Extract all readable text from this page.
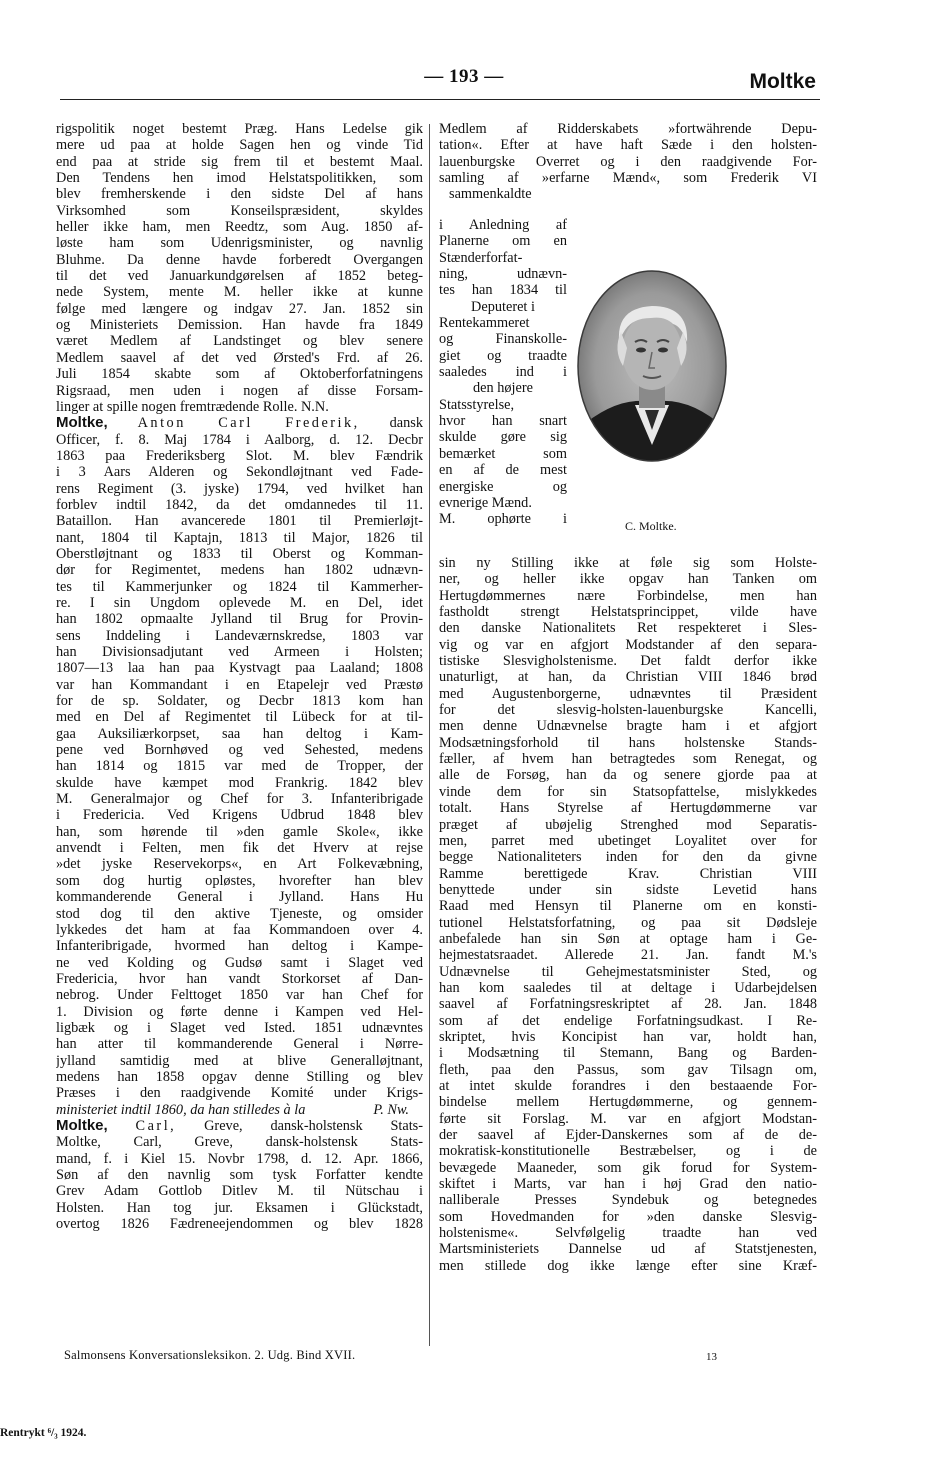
— 193 —	Moltke
rigspolitik noget bestemt Præg. Hans Ledelse gik
mere ud paa at holde Sagen hen og vinde Tid
end paa at stride sig frem til et bestemt Maal.
Den Tendens hen imod Helstatspolitikken, som
blev fremherskende i den sidste Del af hans
Virksomhed som Konseilspræsident, skyldes
heller ikke ham, men Reedtz, som Aug. 1850 af-
løste ham som Udenrigsminister, og navnlig
Bluhme. Da denne havde forberedt Overgangen
til det ved Januarkundgørelsen af 1852 beteg-
nede System, mente M. heller ikke at kunne
følge med længere og indgav 27. Jan. 1852 sin
og Ministeriets Demission. Han havde fra 1849
været Medlem af Landstinget og blev senere
Medlem saavel af det ved Ørsted's Frd. af 26.
Juli 1854 skabte som af Oktoberforfatningens
Rigsraad, men uden i nogen af disse Forsam-
linger at spille nogen fremtrædende Rolle. N.N.
Moltke, Anton Carl Frederik, dansk
Officer, f. 8. Maj 1784 i Aalborg, d. 12. Decbr
1863 paa Frederiksberg Slot. M. blev Fændrik
i 3 Aars Alderen og Sekondløjtnant ved Fade-
rens Regiment (3. jyske) 1794, ved hvilket han
forblev indtil 1842, da det omdannedes til 11.
Bataillon. Han avancerede 1801 til Premierløjt-
nant, 1804 til Kaptajn, 1813 til Major, 1826 til
Oberstløjtnant og 1833 til Oberst og Komman-
dør for Regimentet, medens han 1802 udnævn-
tes til Kammerjunker og 1824 til Kammerher-
re. I sin Ungdom oplevede M. en Del, idet
han 1802 opmaalte Jylland til Brug for Provin-
sens Inddeling i Landeværnskredse, 1803 var
han Divisionsadjutant ved Armeen i Holsten;
1807—13 laa han paa Kystvagt paa Laaland; 1808
var han Kommandant i en Etapelejr ved Præstø
for de sp. Soldater, og Decbr 1813 kom han
med en Del af Regimentet til Lübeck for at til-
gaa Auksiliærkorpset, saa han deltog i Kam-
pene ved Bornhøved og ved Sehested, medens
han 1814 og 1815 var med de Tropper, der
skulde have kæmpet mod Frankrig. 1842 blev
M. Generalmajor og Chef for 3. Infanteribrigade
i Fredericia. Ved Krigens Udbrud 1848 blev
han, som hørende til »den gamle Skole«, ikke
anvendt i Felten, men fik det Hverv at rejse
»det jyske Reservekorps«, en Art Folkevæbning,
som dog hurtig opløstes, hvorefter han blev
kommanderende General i Jylland. Hans Hu
stod dog til den aktive Tjeneste, og omsider
lykkedes det ham at faa Kommandoen over 4.
Infanteribrigade, hvormed han deltog i Kampe-
ne ved Kolding og Gudsø samt i Slaget ved
Fredericia, hvor han vandt Storkorset af Dan-
nebrog. Under Felttoget 1850 var han Chef for
1. Division og førte denne i Kampen ved Hel-
ligbæk og i Slaget ved Isted. 1851 udnævntes
han atter til kommanderende General i Nørre-
jylland samtidig med at blive Generalløjtnant,
medens han 1858 opgav denne Stilling og blev
Præses i den raadgivende Komité under Krigs-
ministeriet indtil 1860, da han stilledes à la	P. Nw.
Moltke, Carl, Greve, dansk-holstensk Stats-
Moltke, Carl, Greve, dansk-holstensk Stats-
mand, f. i Kiel 15. Novbr 1798, d. 12. Apr. 1866,
Søn af den navnlig som tysk Forfatter kendte
Grev Adam Gottlob Ditlev M. til Nütschau i
Holsten. Han tog jur. Eksamen i Glückstadt,
overtog 1826 Fædreneejendommen og blev 1828
Medlem af Ridderskabets »fortwährende Depu-
tation«. Efter at have haft Sæde i den holsten-
lauenburgske Overret og i den raadgivende For-
samling af »erfarne Mænd«, som Frederik VI
sammenkaldte
i Anledning af
Planerne om en
Stænderforfat-
ning, udnævn-
tes han 1834 til
Deputeret i
Rentekammeret
og Finanskolle-
giet og traadte
saaledes ind i
den højere
Statsstyrelse,
hvor han snart
skulde gøre sig
bemærket som
en af de mest
energiske og
evnerige Mænd.
M. ophørte i
sin ny Stilling ikke at føle sig som Holste-
ner, og heller ikke opgav han Tanken om
Hertugdømmernes nære Forbindelse, men han
fastholdt strengt Helstatsprincippet, vilde have
den danske Nationalitets Ret respekteret i Sles-
vig og var en afgjort Modstander af den separa-
tistiske Slesvigholstenisme. Det faldt derfor ikke
unaturligt, at han, da Christian VIII 1846 brød
med Augustenborgerne, udnævntes til Præsident
for det slesvig-holsten-lauenburgske Kancelli,
men denne Udnævnelse bragte ham i et afgjort
Modsætningsforhold til hans holstenske Stands-
fæller, af hvem han betragtedes som Renegat, og
alle de Forsøg, han da og senere gjorde paa at
vinde dem for sin Statsopfattelse, mislykkedes
totalt. Hans Styrelse af Hertugdømmerne var
præget af ubøjelig Strenghed mod Separatis-
men, parret med ubetinget Loyalitet over for
begge Nationaliteters inden for den da givne
Ramme berettigede Krav. Christian VIII
benyttede under sin sidste Levetid hans
Raad med Hensyn til Planerne om en konsti-
tutionel Helstatsforfatning, og paa sit Dødsleje
anbefalede han sin Søn at optage ham i Ge-
hejmestatsraadet. Allerede 21. Jan. fandt M.'s
Udnævnelse til Gehejmestatsminister Sted, og
han kom saaledes til at deltage i Udarbejdelsen
saavel af Forfatningsreskriptet af 28. Jan. 1848
som af det endelige Forfatningsudkast. I Re-
skriptet, hvis Koncipist han var, holdt han,
i Modsætning til Stemann, Bang og Barden-
fleth, paa den Passus, som gav Tilsagn om,
at intet skulde forandres i den bestaaende For-
bindelse mellem Hertugdømmerne, og gennem-
førte sit Forslag. M. var en afgjort Modstan-
der saavel af Ejder-Danskernes som af de de-
mokratisk-konstitutionelle Bestræbelser, og i de
bevægede Maaneder, som gik forud for System-
skiftet i Marts, var han i høj Grad den natio-
nalliberale Presses Syndebuk og betegnedes
som Hovedmanden for »den danske Slesvig-
holstenisme«. Selvfølgelig traadte han ved
Martsministeriets Dannelse ud af Statstjenesten,
men stillede dog ikke længe efter sine Kræf-
C. Moltke.
Salmonsens Konversationsleksikon. 2. Udg. Bind XVII.	13
Rentrykt ⁶/₃ 1924.
